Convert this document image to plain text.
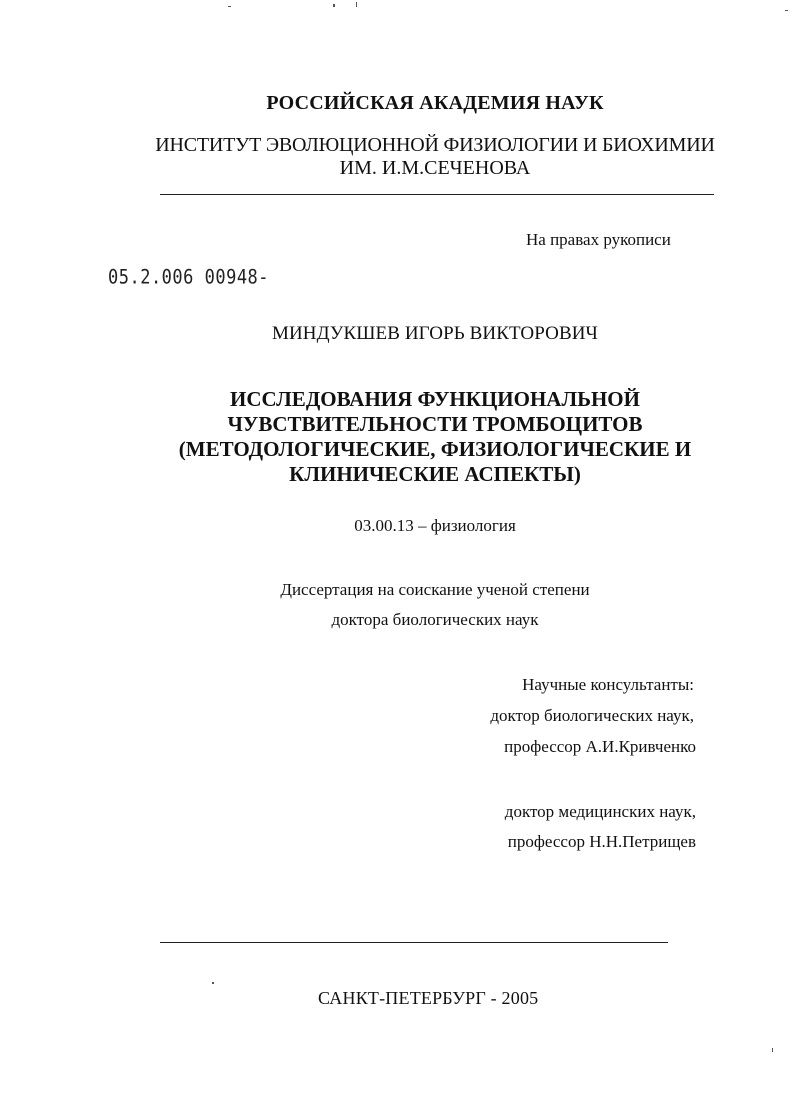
РОССИЙСКАЯ АКАДЕМИЯ НАУК
ИНСТИТУТ ЭВОЛЮЦИОННОЙ ФИЗИОЛОГИИ И БИОХИМИИ
ИМ. И.М.СЕЧЕНОВА
На правах рукописи
05.2.006 00948-
МИНДУКШЕВ ИГОРЬ ВИКТОРОВИЧ
ИССЛЕДОВАНИЯ ФУНКЦИОНАЛЬНОЙ
ЧУВСТВИТЕЛЬНОСТИ ТРОМБОЦИТОВ
(МЕТОДОЛОГИЧЕСКИЕ, ФИЗИОЛОГИЧЕСКИЕ И
КЛИНИЧЕСКИЕ АСПЕКТЫ)
03.00.13 – физиология
Диссертация на соискание ученой степени
доктора биологических наук
Научные консультанты:
доктор биологических наук,
профессор А.И.Кривченко
доктор медицинских наук,
профессор Н.Н.Петрищев
САНКТ-ПЕТЕРБУРГ - 2005
